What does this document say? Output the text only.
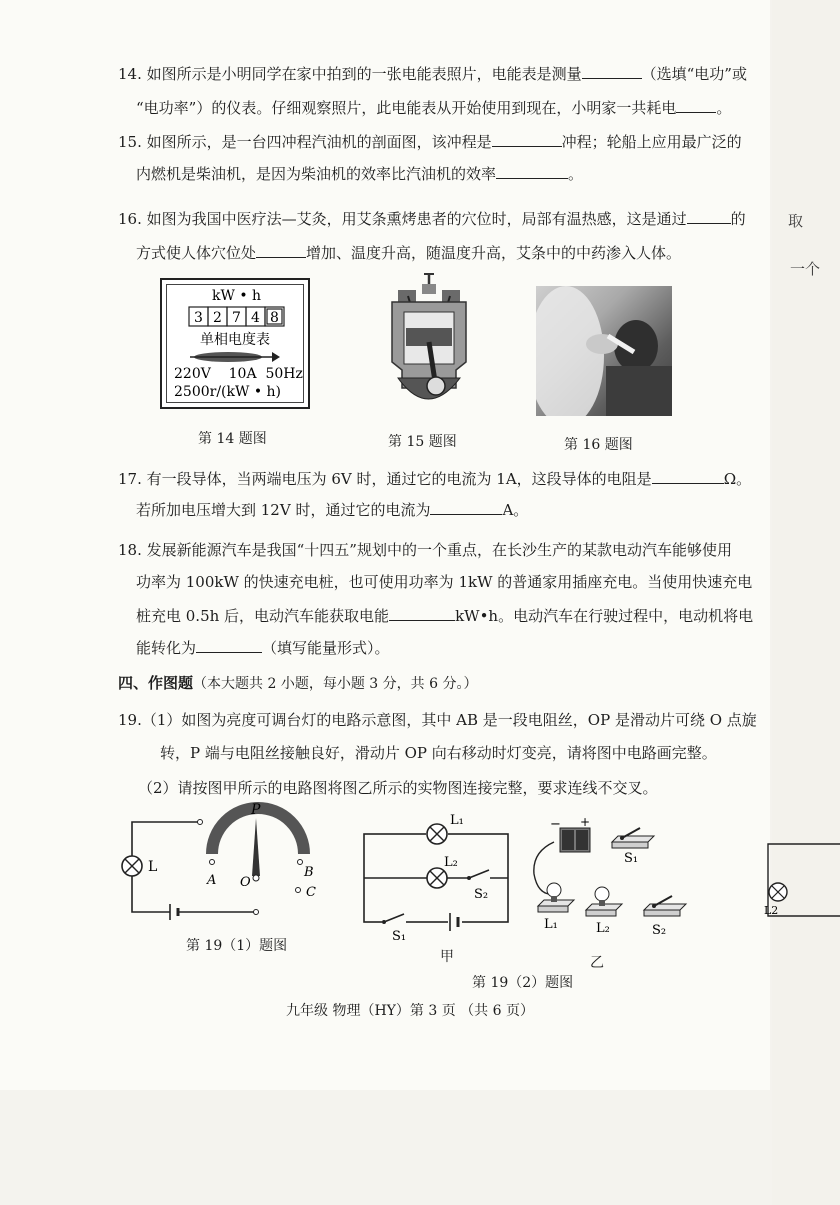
14. 如图所示是小明同学在家中拍到的一张电能表照片，电能表是测量	（选填“电功”或
“电功率”）的仪表。仔细观察照片，此电能表从开始使用到现在，小明家一共耗电	。
15. 如图所示，是一台四冲程汽油机的剖面图，该冲程是	冲程；轮船上应用最广泛的
内燃机是柴油机，是因为柴油机的效率比汽油机的效率	。
16. 如图为我国中医疗法—艾灸，用艾条熏烤患者的穴位时，局部有温热感，这是通过	的
方式使人体穴位处	增加、温度升高，随温度升高，艾条中的中药渗入人体。
kW • h
3 2 7 4 8
单相电度表
220V    10A  50Hz
2500r/(kW • h)
第 14 题图	第 15 题图	第 16 题图
17. 有一段导体，当两端电压为 6V 时，通过它的电流为 1A，这段导体的电阻是	Ω。
若所加电压增大到 12V 时，通过它的电流为	A。
18. 发展新能源汽车是我国“十四五”规划中的一个重点，在长沙生产的某款电动汽车能够使用
功率为 100kW 的快速充电桩，也可使用功率为 1kW 的普通家用插座充电。当使用快速充电
桩充电 0.5h 后，电动汽车能获取电能	kW•h。电动汽车在行驶过程中，电动机将电
能转化为	（填写能量形式）。
四、作图题（本大题共 2 小题，每小题 3 分，共 6 分。）
19.（1）如图为亮度可调台灯的电路示意图，其中 AB 是一段电阻丝，OP 是滑动片可绕 O 点旋
转，P 端与电阻丝接触良好，滑动片 OP 向右移动时灯变亮，请将图中电路画完整。
（2）请按图甲所示的电路图将图乙所示的实物图连接完整，要求连线不交叉。
L
P
A O
B
C
第 19（1）题图
L₁
L₂
S₂
S₁
甲
− +
S₁
L₁	L₂	S₂
乙
第 19（2）题图
九年级 物理（HY）第 3 页 （共 6 页）
取
一个
L2
